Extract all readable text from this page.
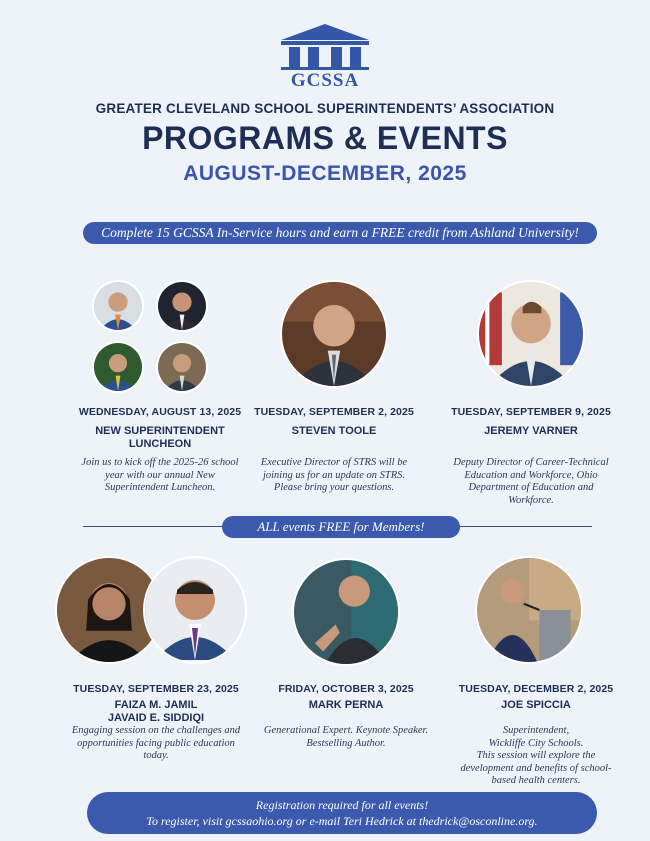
GCSSA
GREATER CLEVELAND SCHOOL SUPERINTENDENTS’ ASSOCIATION
PROGRAMS & EVENTS
AUGUST-DECEMBER, 2025
Complete 15 GCSSA In-Service hours and earn a FREE credit from Ashland University!
WEDNESDAY, AUGUST 13, 2025
NEW SUPERINTENDENT LUNCHEON
Join us to kick off the 2025-26 school year with our annual New Superintendent Luncheon.
TUESDAY, SEPTEMBER 2, 2025
STEVEN TOOLE
Executive Director of STRS will be joining us for an update on STRS. Please bring your questions.
TUESDAY, SEPTEMBER 9, 2025
JEREMY VARNER
Deputy Director of Career-Technical Education and Workforce, Ohio Department of Education and Workforce.
ALL events FREE for Members!
TUESDAY, SEPTEMBER 23, 2025
FAIZA M. JAMIL
JAVAID E. SIDDIQI
Engaging session on the challenges and opportunities facing public education today.
FRIDAY, OCTOBER 3, 2025
MARK PERNA
Generational Expert. Keynote Speaker. Bestselling Author.
TUESDAY, DECEMBER 2, 2025
JOE SPICCIA
Superintendent,
Wickliffe City Schools.
This session will explore the development and benefits of school-based health centers.
Registration required for all events!
To register, visit gcssaohio.org or e-mail Teri Hedrick at thedrick@osconline.org.
